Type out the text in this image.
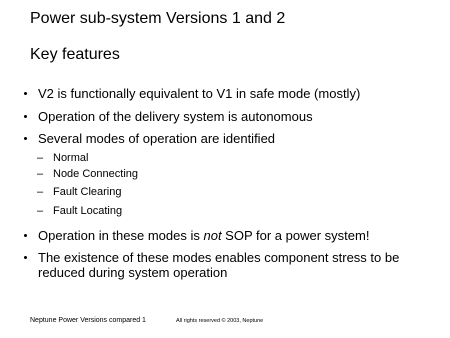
Power sub-system Versions 1 and 2
Key features
V2 is functionally equivalent to V1 in safe mode (mostly)
Operation of the delivery system is autonomous
Several modes of operation are identified
– Normal
– Node Connecting
– Fault Clearing
– Fault Locating
Operation in these modes is not SOP for a power system!
The existence of these modes enables component stress to be
reduced during system operation
Neptune Power Versions compared 1	All rights reserved © 2003, Neptune
